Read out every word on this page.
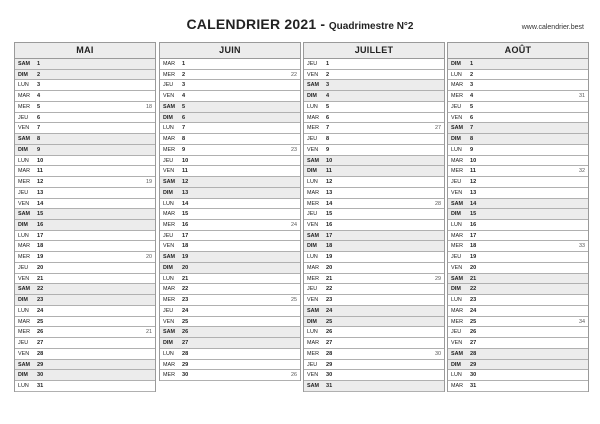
CALENDRIER 2021 - Quadrimestre N°2	www.calendrier.best
MAI
SAM 1
DIM 2
LUN 3
MAR 4
MER 5	18
JEU 6
VEN 7
SAM 8
DIM 9
LUN 10
MAR 11
MER 12	19
JEU 13
VEN 14
SAM 15
DIM 16
LUN 17
MAR 18
MER 19	20
JEU 20
VEN 21
SAM 22
DIM 23
LUN 24
MAR 25
MER 26	21
JEU 27
VEN 28
SAM 29
DIM 30
LUN 31
JUIN
MAR 1
MER 2	22
JEU 3
VEN 4
SAM 5
DIM 6
LUN 7
MAR 8
MER 9	23
JEU 10
VEN 11
SAM 12
DIM 13
LUN 14
MAR 15
MER 16	24
JEU 17
VEN 18
SAM 19
DIM 20
LUN 21
MAR 22
MER 23	25
JEU 24
VEN 25
SAM 26
DIM 27
LUN 28
MAR 29
MER 30	26
JUILLET
JEU 1
VEN 2
SAM 3
DIM 4
LUN 5
MAR 6
MER 7	27
JEU 8
VEN 9
SAM 10
DIM 11
LUN 12
MAR 13
MER 14	28
JEU 15
VEN 16
SAM 17
DIM 18
LUN 19
MAR 20
MER 21	29
JEU 22
VEN 23
SAM 24
DIM 25
LUN 26
MAR 27
MER 28	30
JEU 29
VEN 30
SAM 31
AOÛT
DIM 1
LUN 2
MAR 3
MER 4	31
JEU 5
VEN 6
SAM 7
DIM 8
LUN 9
MAR 10
MER 11	32
JEU 12
VEN 13
SAM 14
DIM 15
LUN 16
MAR 17
MER 18	33
JEU 19
VEN 20
SAM 21
DIM 22
LUN 23
MAR 24
MER 25	34
JEU 26
VEN 27
SAM 28
DIM 29
LUN 30
MAR 31
